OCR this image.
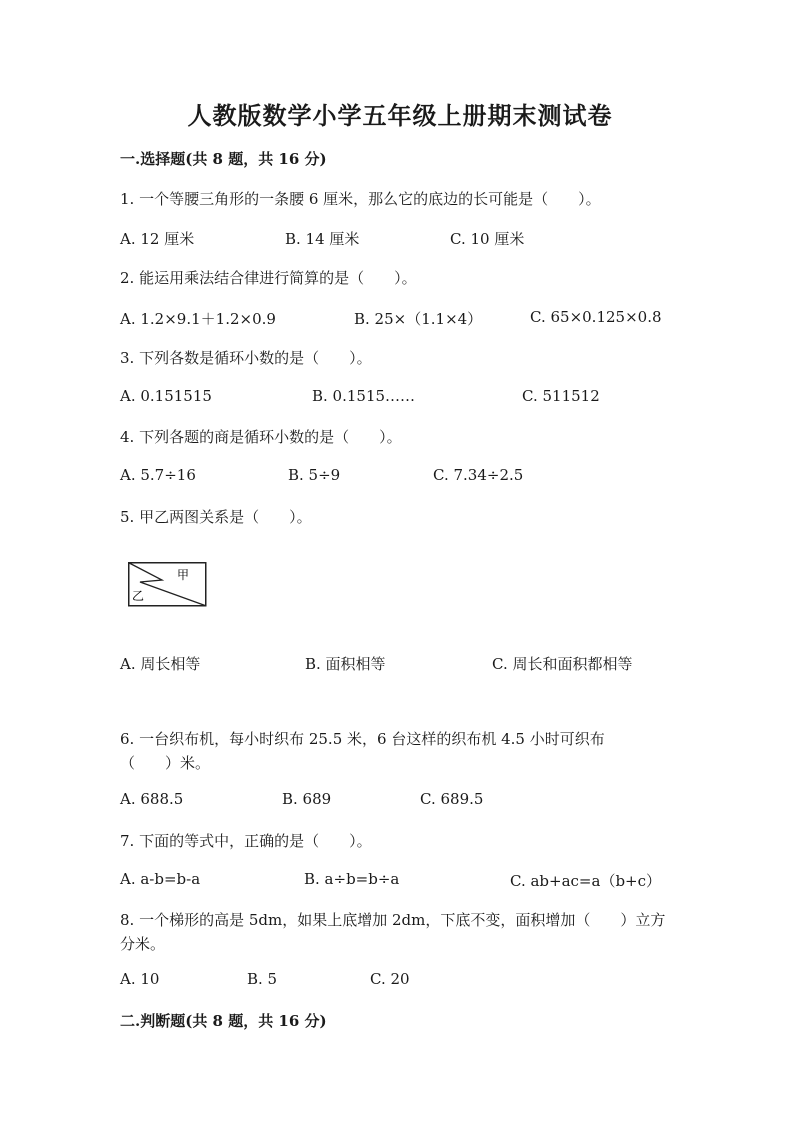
人教版数学小学五年级上册期末测试卷
一.选择题(共 8 题，共 16 分)
1. 一个等腰三角形的一条腰 6 厘米，那么它的底边的长可能是（　　）。
A. 12 厘米	B. 14 厘米	C. 10 厘米
2. 能运用乘法结合律进行简算的是（　　）。
A. 1.2×9.1＋1.2×0.9	B. 25×（1.1×4）	C. 65×0.125×0.8
3. 下列各数是循环小数的是（　　）。
A. 0.151515	B. 0.1515……	C. 511512
4. 下列各题的商是循环小数的是（　　）。
A. 5.7÷16	B. 5÷9	C. 7.34÷2.5
5. 甲乙两图关系是（　　）。
甲
乙
A. 周长相等	B. 面积相等	C. 周长和面积都相等
6. 一台织布机，每小时织布 25.5 米，6 台这样的织布机 4.5 小时可织布（　　）米。
A. 688.5	B. 689	C. 689.5
7. 下面的等式中，正确的是（　　）。
A. a-b=b-a	B. a÷b=b÷a	C. ab+ac=a（b+c）
8. 一个梯形的高是 5dm，如果上底增加 2dm，下底不变，面积增加（　　）立方分米。
A. 10	B. 5	C. 20
二.判断题(共 8 题，共 16 分)
